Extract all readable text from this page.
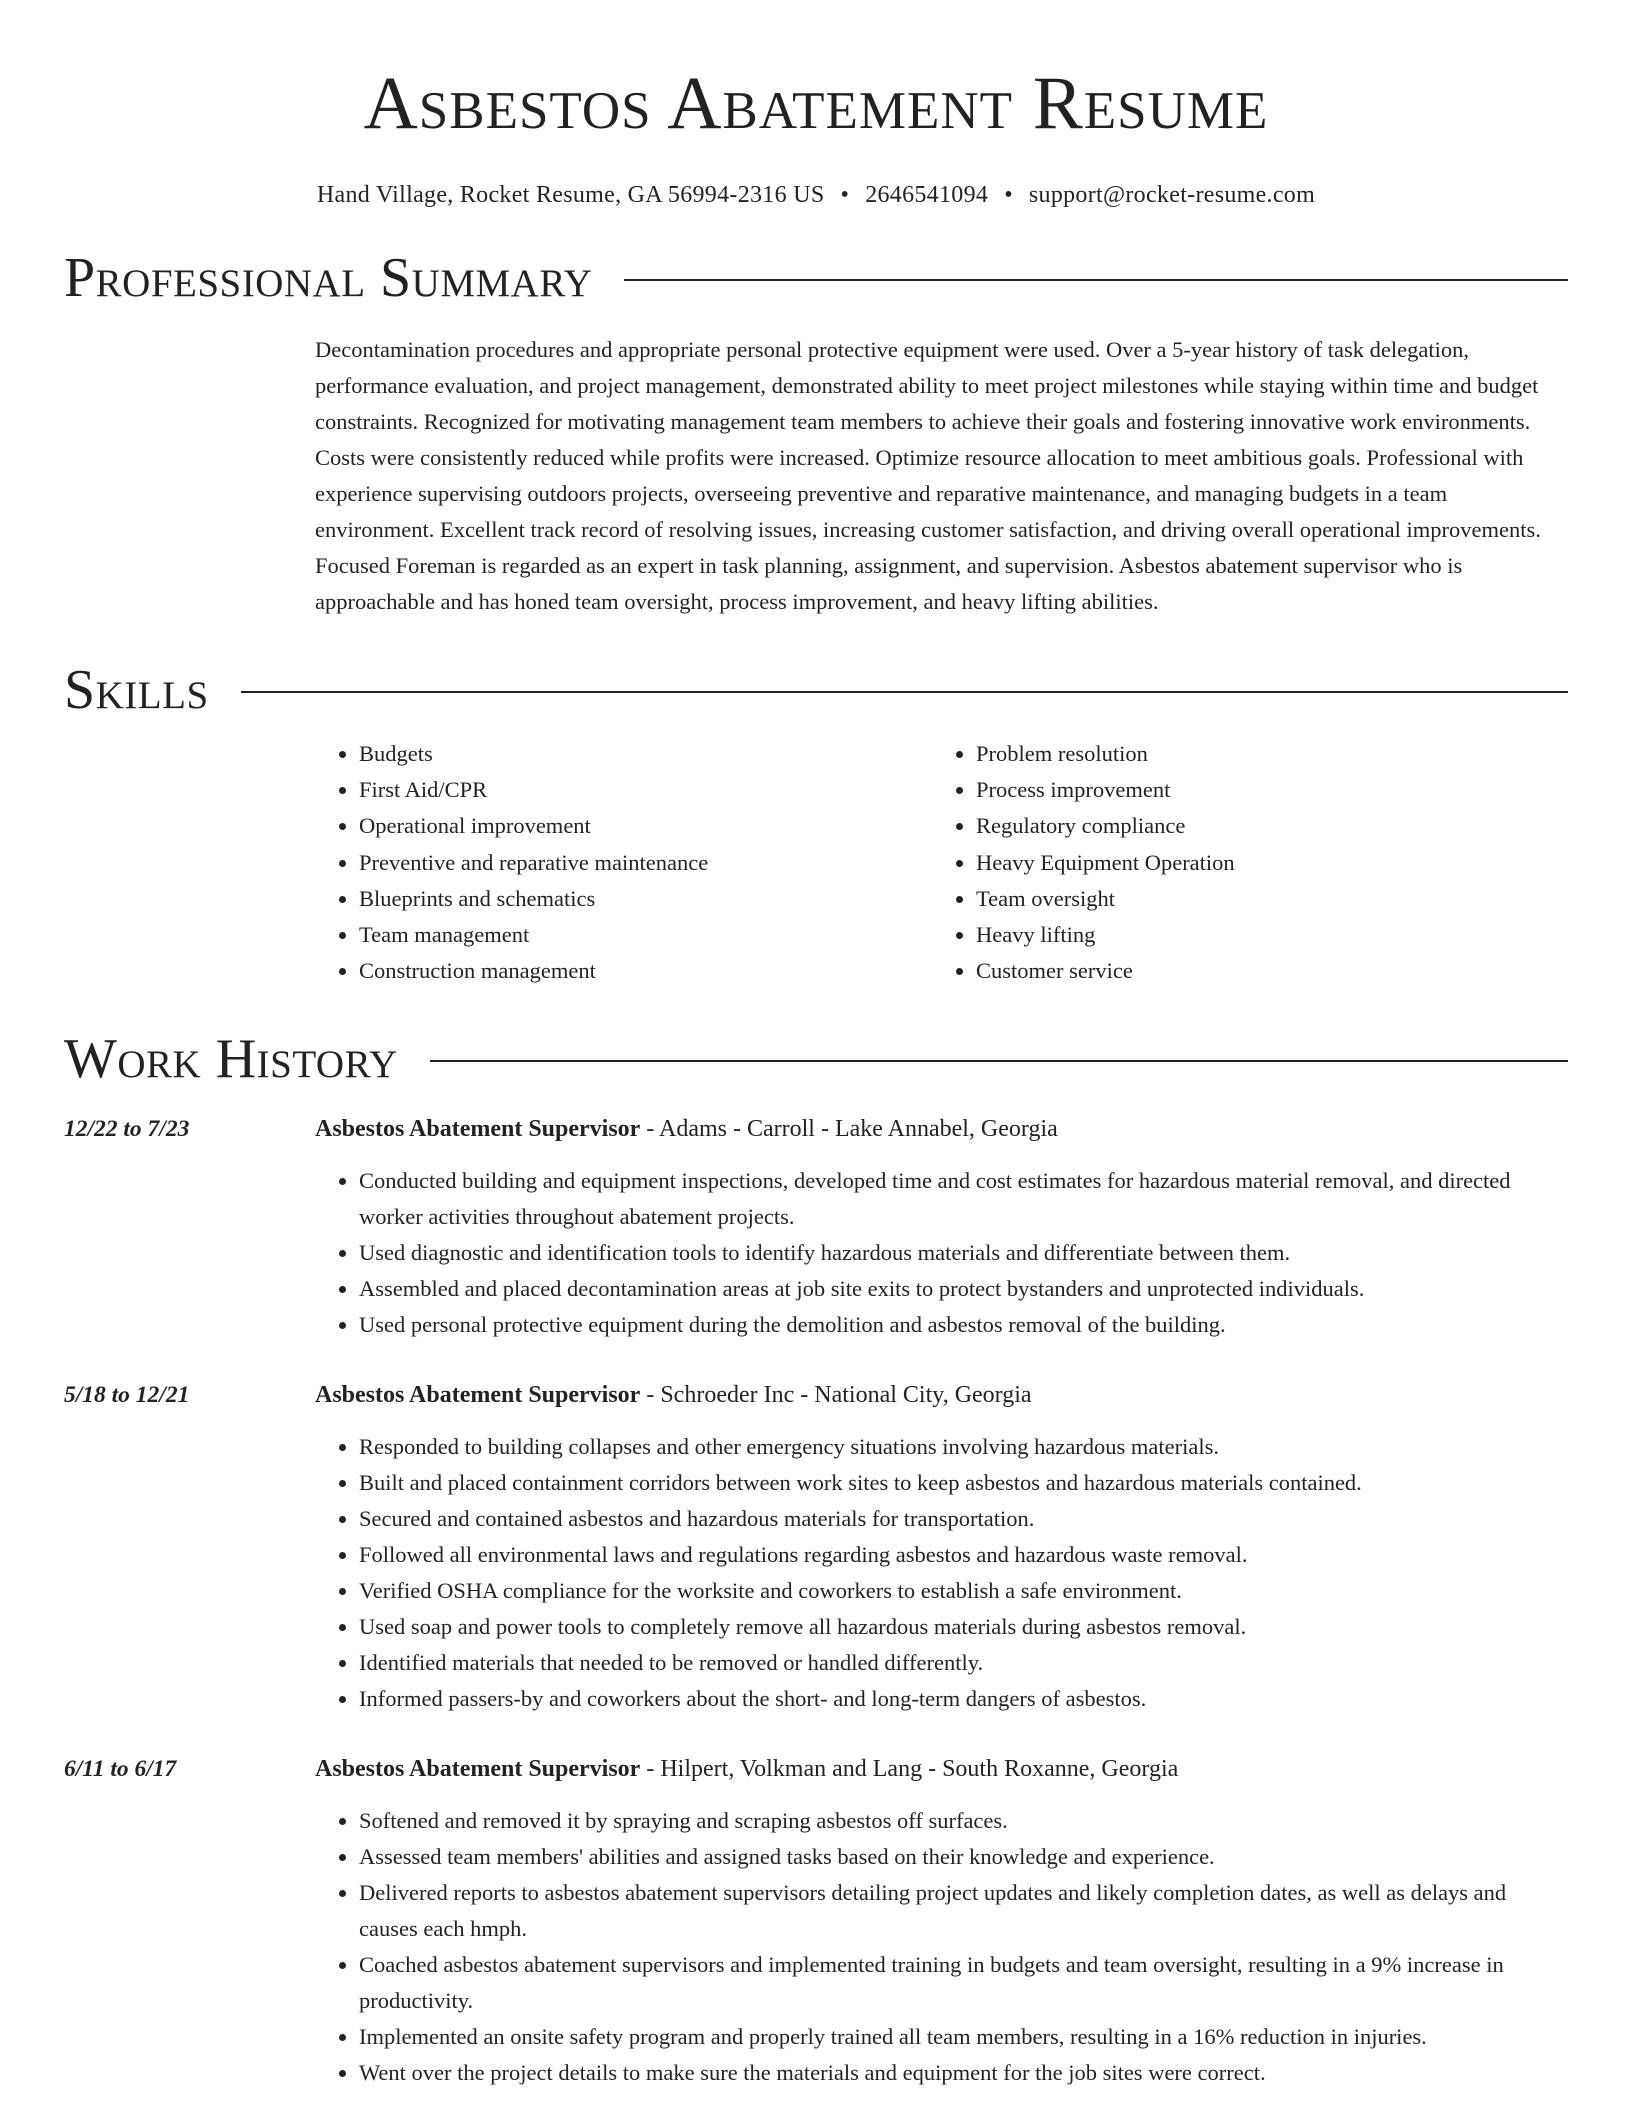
Asbestos Abatement Resume
Hand Village, Rocket Resume, GA 56994-2316 US • 2646541094 • support@rocket-resume.com
Professional Summary

Decontamination procedures and appropriate personal protective equipment were used. Over a 5-year history of task delegation, performance evaluation, and project management, demonstrated ability to meet project milestones while staying within time and budget constraints. Recognized for motivating management team members to achieve their goals and fostering innovative work environments. Costs were consistently reduced while profits were increased. Optimize resource allocation to meet ambitious goals. Professional with experience supervising outdoors projects, overseeing preventive and reparative maintenance, and managing budgets in a team environment. Excellent track record of resolving issues, increasing customer satisfaction, and driving overall operational improvements. Focused Foreman is regarded as an expert in task planning, assignment, and supervision. Asbestos abatement supervisor who is approachable and has honed team oversight, process improvement, and heavy lifting abilities.

Skills
• Budgets
• First Aid/CPR
• Operational improvement
• Preventive and reparative maintenance
• Blueprints and schematics
• Team management
• Construction management
• Problem resolution
• Process improvement
• Regulatory compliance
• Heavy Equipment Operation
• Team oversight
• Heavy lifting
• Customer service
Work History
12/22 to 7/23	Asbestos Abatement Supervisor - Adams - Carroll - Lake Annabel, Georgia
• Conducted building and equipment inspections, developed time and cost estimates for hazardous material removal, and directed worker activities throughout abatement projects.
• Used diagnostic and identification tools to identify hazardous materials and differentiate between them.
• Assembled and placed decontamination areas at job site exits to protect bystanders and unprotected individuals.
• Used personal protective equipment during the demolition and asbestos removal of the building.
5/18 to 12/21	Asbestos Abatement Supervisor - Schroeder Inc - National City, Georgia
• Responded to building collapses and other emergency situations involving hazardous materials.
• Built and placed containment corridors between work sites to keep asbestos and hazardous materials contained.
• Secured and contained asbestos and hazardous materials for transportation.
• Followed all environmental laws and regulations regarding asbestos and hazardous waste removal.
• Verified OSHA compliance for the worksite and coworkers to establish a safe environment.
• Used soap and power tools to completely remove all hazardous materials during asbestos removal.
• Identified materials that needed to be removed or handled differently.
• Informed passers-by and coworkers about the short- and long-term dangers of asbestos.
6/11 to 6/17	Asbestos Abatement Supervisor - Hilpert, Volkman and Lang - South Roxanne, Georgia
• Softened and removed it by spraying and scraping asbestos off surfaces.
• Assessed team members' abilities and assigned tasks based on their knowledge and experience.
• Delivered reports to asbestos abatement supervisors detailing project updates and likely completion dates, as well as delays and causes each hmph.
• Coached asbestos abatement supervisors and implemented training in budgets and team oversight, resulting in a 9% increase in productivity.
• Implemented an onsite safety program and properly trained all team members, resulting in a 16% reduction in injuries.
• Went over the project details to make sure the materials and equipment for the job sites were correct.
